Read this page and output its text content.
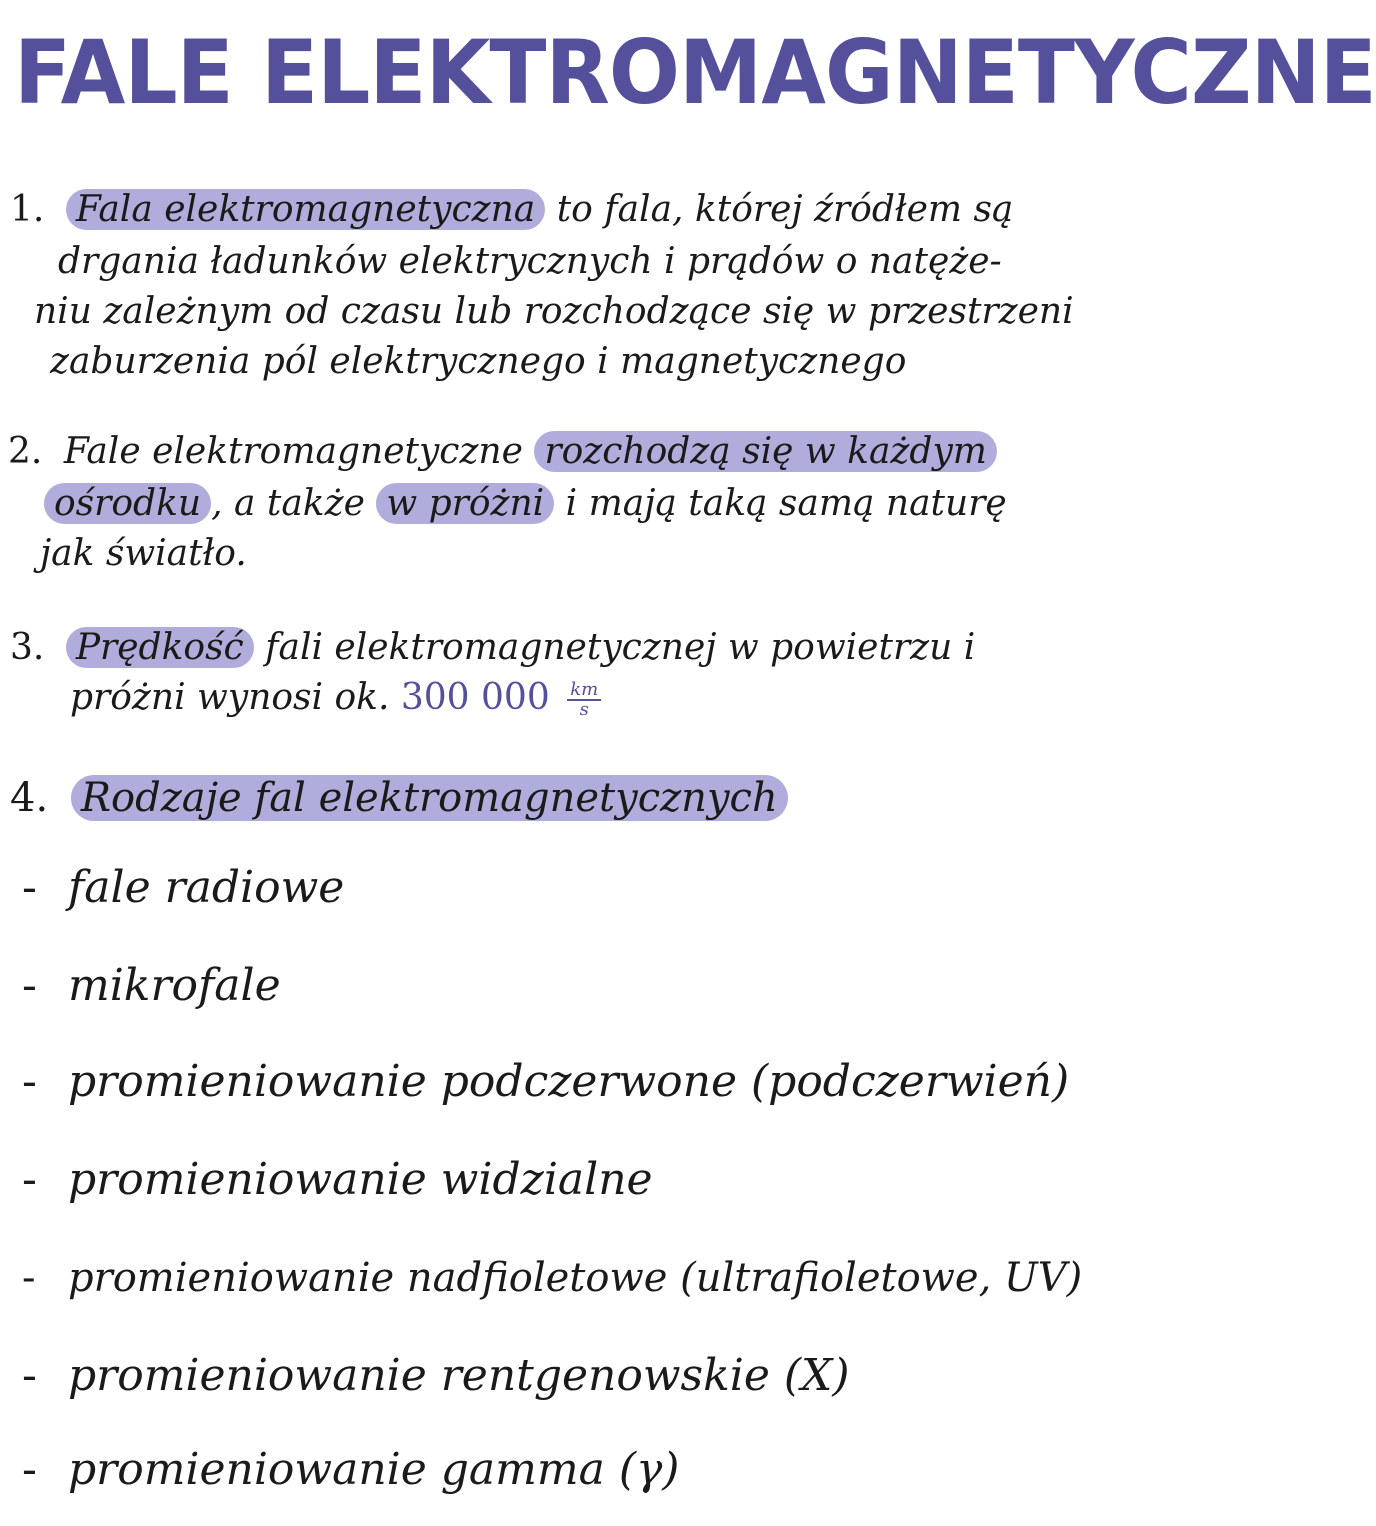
FALE ELEKTROMAGNETYCZNE
1. Fala elektromagnetyczna to fala, której źródłem są
drgania ładunków elektrycznych i prądów o natęże-
niu zależnym od czasu lub rozchodzące się w przestrzeni
zaburzenia pól elektrycznego i magnetycznego
2. Fale elektromagnetyczne rozchodzą się w każdym
ośrodku , a także w próżni i mają taką samą naturę
jak światło.
3. Prędkość fali elektromagnetycznej w powietrzu i
próżni wynosi ok. 300 $000 \frac{km}{s}$
4. Rodzaje fal elektromagnetycznych
- fale radiowe
- mikrofale
- promieniowanie podczerwone (podczerwień)
- promieniowanie widzialne
- promieniowanie nadfioletowe (ultrafioletowe, UV)
- promieniowanie rentgenowskie (X)
- promieniowanie gamma (γ)
